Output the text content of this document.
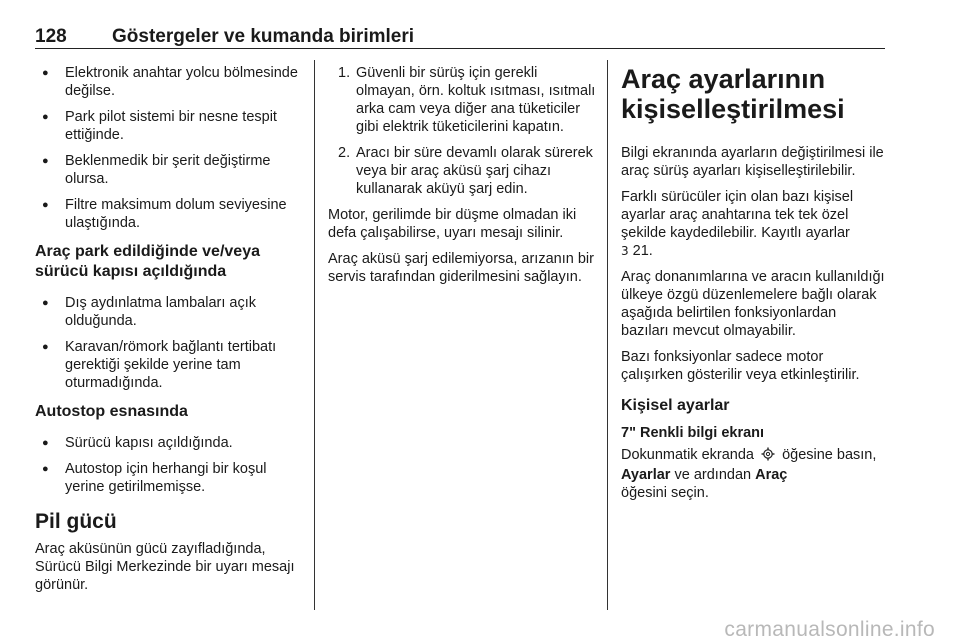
128 Göstergeler ve kumanda birimleri
● Elektronik anahtar yolcu bölmesinde değilse.
● Park pilot sistemi bir nesne tespit ettiğinde.
● Beklenmedik bir şerit değiştirme olursa.
● Filtre maksimum dolum seviyesine ulaştığında.
Araç park edildiğinde ve/veya sürücü kapısı açıldığında
● Dış aydınlatma lambaları açık olduğunda.
● Karavan/römork bağlantı tertibatı gerektiği şekilde yerine tam oturmadığında.
Autostop esnasında
● Sürücü kapısı açıldığında.
● Autostop için herhangi bir koşul yerine getirilmemişse.
Pil gücü

Araç aküsünün gücü zayıfladığında, Sürücü Bilgi Merkezinde bir uyarı mesajı görünür.

1. Güvenli bir sürüş için gerekli olmayan, örn. koltuk ısıtması, ısıtmalı arka cam veya diğer ana tüketiciler gibi elektrik tüketicilerini kapatın.
2. Aracı bir süre devamlı olarak sürerek veya bir araç aküsü şarj cihazı kullanarak aküyü şarj edin.

Motor, gerilimde bir düşme olmadan iki defa çalışabilirse, uyarı mesajı silinir.

Araç aküsü şarj edilemiyorsa, arızanın bir servis tarafından giderilmesini sağlayın.

Araç ayarlarının kişiselleştirilmesi

Bilgi ekranında ayarların değiştirilmesi ile araç sürüş ayarları kişiselleştirilebilir.

Farklı sürücüler için olan bazı kişisel ayarlar araç anahtarına tek tek özel şekilde kaydedilebilir. Kayıtlı ayarlar
3 21.

Araç donanımlarına ve aracın kullanıldığı ülkeye özgü düzenlemelere bağlı olarak aşağıda belirtilen fonksiyonlardan bazıları mevcut olmayabilir.

Bazı fonksiyonlar sadece motor çalışırken gösterilir veya etkinleştirilir.

Kişisel ayarlar
7" Renkli bilgi ekranı

Dokunmatik ekranda öğesine basın, Ayarlar ve ardından Araç
öğesini seçin.

carmanualsonline.info
